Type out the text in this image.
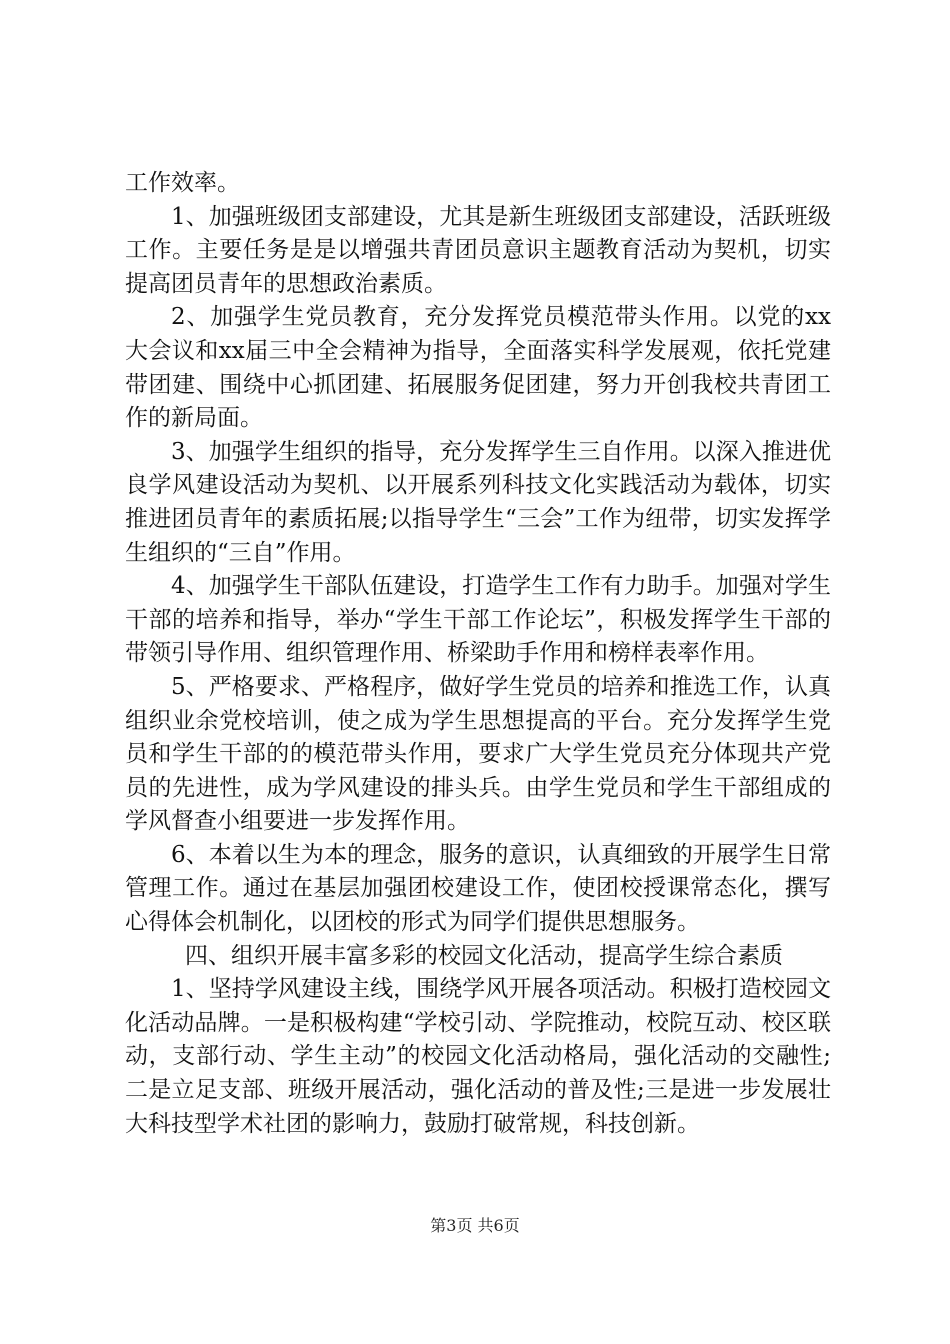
工作效率。

1、加强班级团支部建设，尤其是新生班级团支部建设，活跃班级工作。主要任务是是以增强共青团员意识主题教育活动为契机，切实提高团员青年的思想政治素质。

2、加强学生党员教育，充分发挥党员模范带头作用。以党的xx大会议和xx届三中全会精神为指导，全面落实科学发展观，依托党建带团建、围绕中心抓团建、拓展服务促团建，努力开创我校共青团工作的新局面。

3、加强学生组织的指导，充分发挥学生三自作用。以深入推进优良学风建设活动为契机、以开展系列科技文化实践活动为载体，切实推进团员青年的素质拓展;以指导学生“三会”工作为纽带，切实发挥学生组织的“三自”作用。

4、加强学生干部队伍建设，打造学生工作有力助手。加强对学生干部的培养和指导，举办“学生干部工作论坛”，积极发挥学生干部的带领引导作用、组织管理作用、桥梁助手作用和榜样表率作用。

5、严格要求、严格程序，做好学生党员的培养和推选工作，认真组织业余党校培训，使之成为学生思想提高的平台。充分发挥学生党员和学生干部的的模范带头作用，要求广大学生党员充分体现共产党员的先进性，成为学风建设的排头兵。由学生党员和学生干部组成的学风督查小组要进一步发挥作用。

6、本着以生为本的理念，服务的意识，认真细致的开展学生日常管理工作。通过在基层加强团校建设工作，使团校授课常态化，撰写心得体会机制化，以团校的形式为同学们提供思想服务。

四、组织开展丰富多彩的校园文化活动，提高学生综合素质

1、坚持学风建设主线，围绕学风开展各项活动。积极打造校园文化活动品牌。一是积极构建“学校引动、学院推动，校院互动、校区联动，支部行动、学生主动”的校园文化活动格局，强化活动的交融性;二是立足支部、班级开展活动，强化活动的普及性;三是进一步发展壮大科技型学术社团的影响力，鼓励打破常规，科技创新。

第3页 共6页
